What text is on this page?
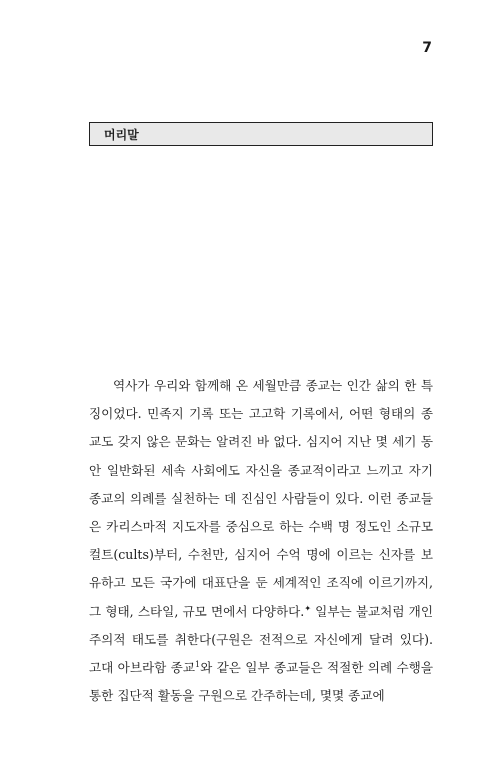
7
머리말

역사가 우리와 함께해 온 세월만큼 종교는 인간 삶의 한 특징이었다. 민족지 기록 또는 고고학 기록에서, 어떤 형태의 종교도 갖지 않은 문화는 알려진 바 없다. 심지어 지난 몇 세기 동안 일반화된 세속 사회에도 자신을 종교적이라고 느끼고 자기 종교의 의례를 실천하는 데 진심인 사람들이 있다. 이런 종교들은 카리스마적 지도자를 중심으로 하는 수백 명 정도인 소규모 컬트(cults)부터, 수천만, 심지어 수억 명에 이르는 신자를 보유하고 모든 국가에 대표단을 둔 세계적인 조직에 이르기까지, 그 형태, 스타일, 규모 면에서 다양하다.✦ 일부는 불교처럼 개인주의적 태도를 취한다(구원은 전적으로 자신에게 달려 있다). 고대 아브라함 종교$^1$와 같은 일부 종교들은 적절한 의례 수행을 통한 집단적 활동을 구원으로 간주하는데, 몇몇 종교에
